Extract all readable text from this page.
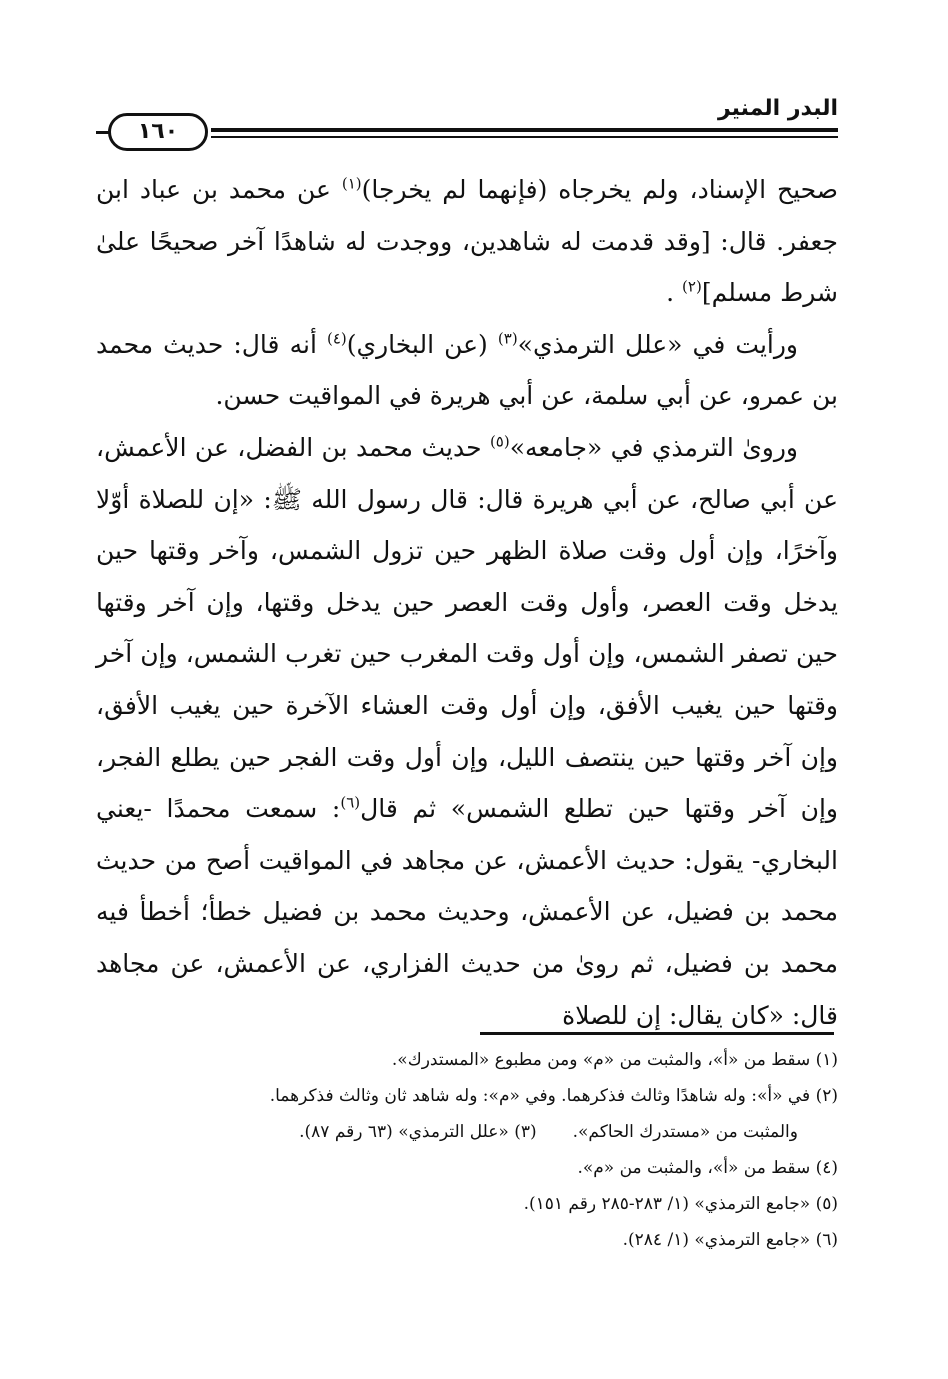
البدر المنير
١٦٠

صحيح الإسناد، ولم يخرجاه (فإنهما لم يخرجا)$^{(١)}$ عن محمد بن عباد ابن جعفر. قال: [وقد قدمت له شاهدين، ووجدت له شاهدًا آخر صحيحًا علىٰ شرط مسلم]$^{(٢)}$ .

ورأيت في «علل الترمذي»$^{(٣)}$ (عن البخاري)$^{(٤)}$ أنه قال: حديث محمد بن عمرو، عن أبي سلمة، عن أبي هريرة في المواقيت حسن.

ورویٰ الترمذي في «جامعه»$^{(٥)}$ حديث محمد بن الفضل، عن الأعمش، عن أبي صالح، عن أبي هريرة قال: قال رسول الله ﷺ: «إن للصلاة أوّلا وآخرًا، وإن أول وقت صلاة الظهر حين تزول الشمس، وآخر وقتها حين يدخل وقت العصر، وأول وقت العصر حين يدخل وقتها، وإن آخر وقتها حين تصفر الشمس، وإن أول وقت المغرب حين تغرب الشمس، وإن آخر وقتها حين يغيب الأفق، وإن أول وقت العشاء الآخرة حين يغيب الأفق، وإن آخر وقتها حين ينتصف الليل، وإن أول وقت الفجر حين يطلع الفجر، وإن آخر وقتها حين تطلع الشمس» ثم قال$^{(٦)}$: سمعت محمدًا -يعني البخاري- يقول: حديث الأعمش، عن مجاهد في المواقيت أصح من حديث محمد بن فضيل، عن الأعمش، وحديث محمد بن فضيل خطأ؛ أخطأ فيه محمد بن فضيل، ثم رویٰ من حديث الفزاري، عن الأعمش، عن مجاهد قال: «كان يقال: إن للصلاة

(١) سقط من «أ»، والمثبت من «م» ومن مطبوع «المستدرك».
(٢) في «أ»: وله شاهدًا وثالث فذكرهما. وفي «م»: وله شاهد ثان وثالث فذكرهما.
والمثبت من «مستدرك الحاكم».(٣) «علل الترمذي» (٦٣ رقم ٨٧).
(٤) سقط من «أ»، والمثبت من «م».
(٥) «جامع الترمذي» (١/ ٢٨٣-٢٨٥ رقم ١٥١).
(٦) «جامع الترمذي» (١/ ٢٨٤).
